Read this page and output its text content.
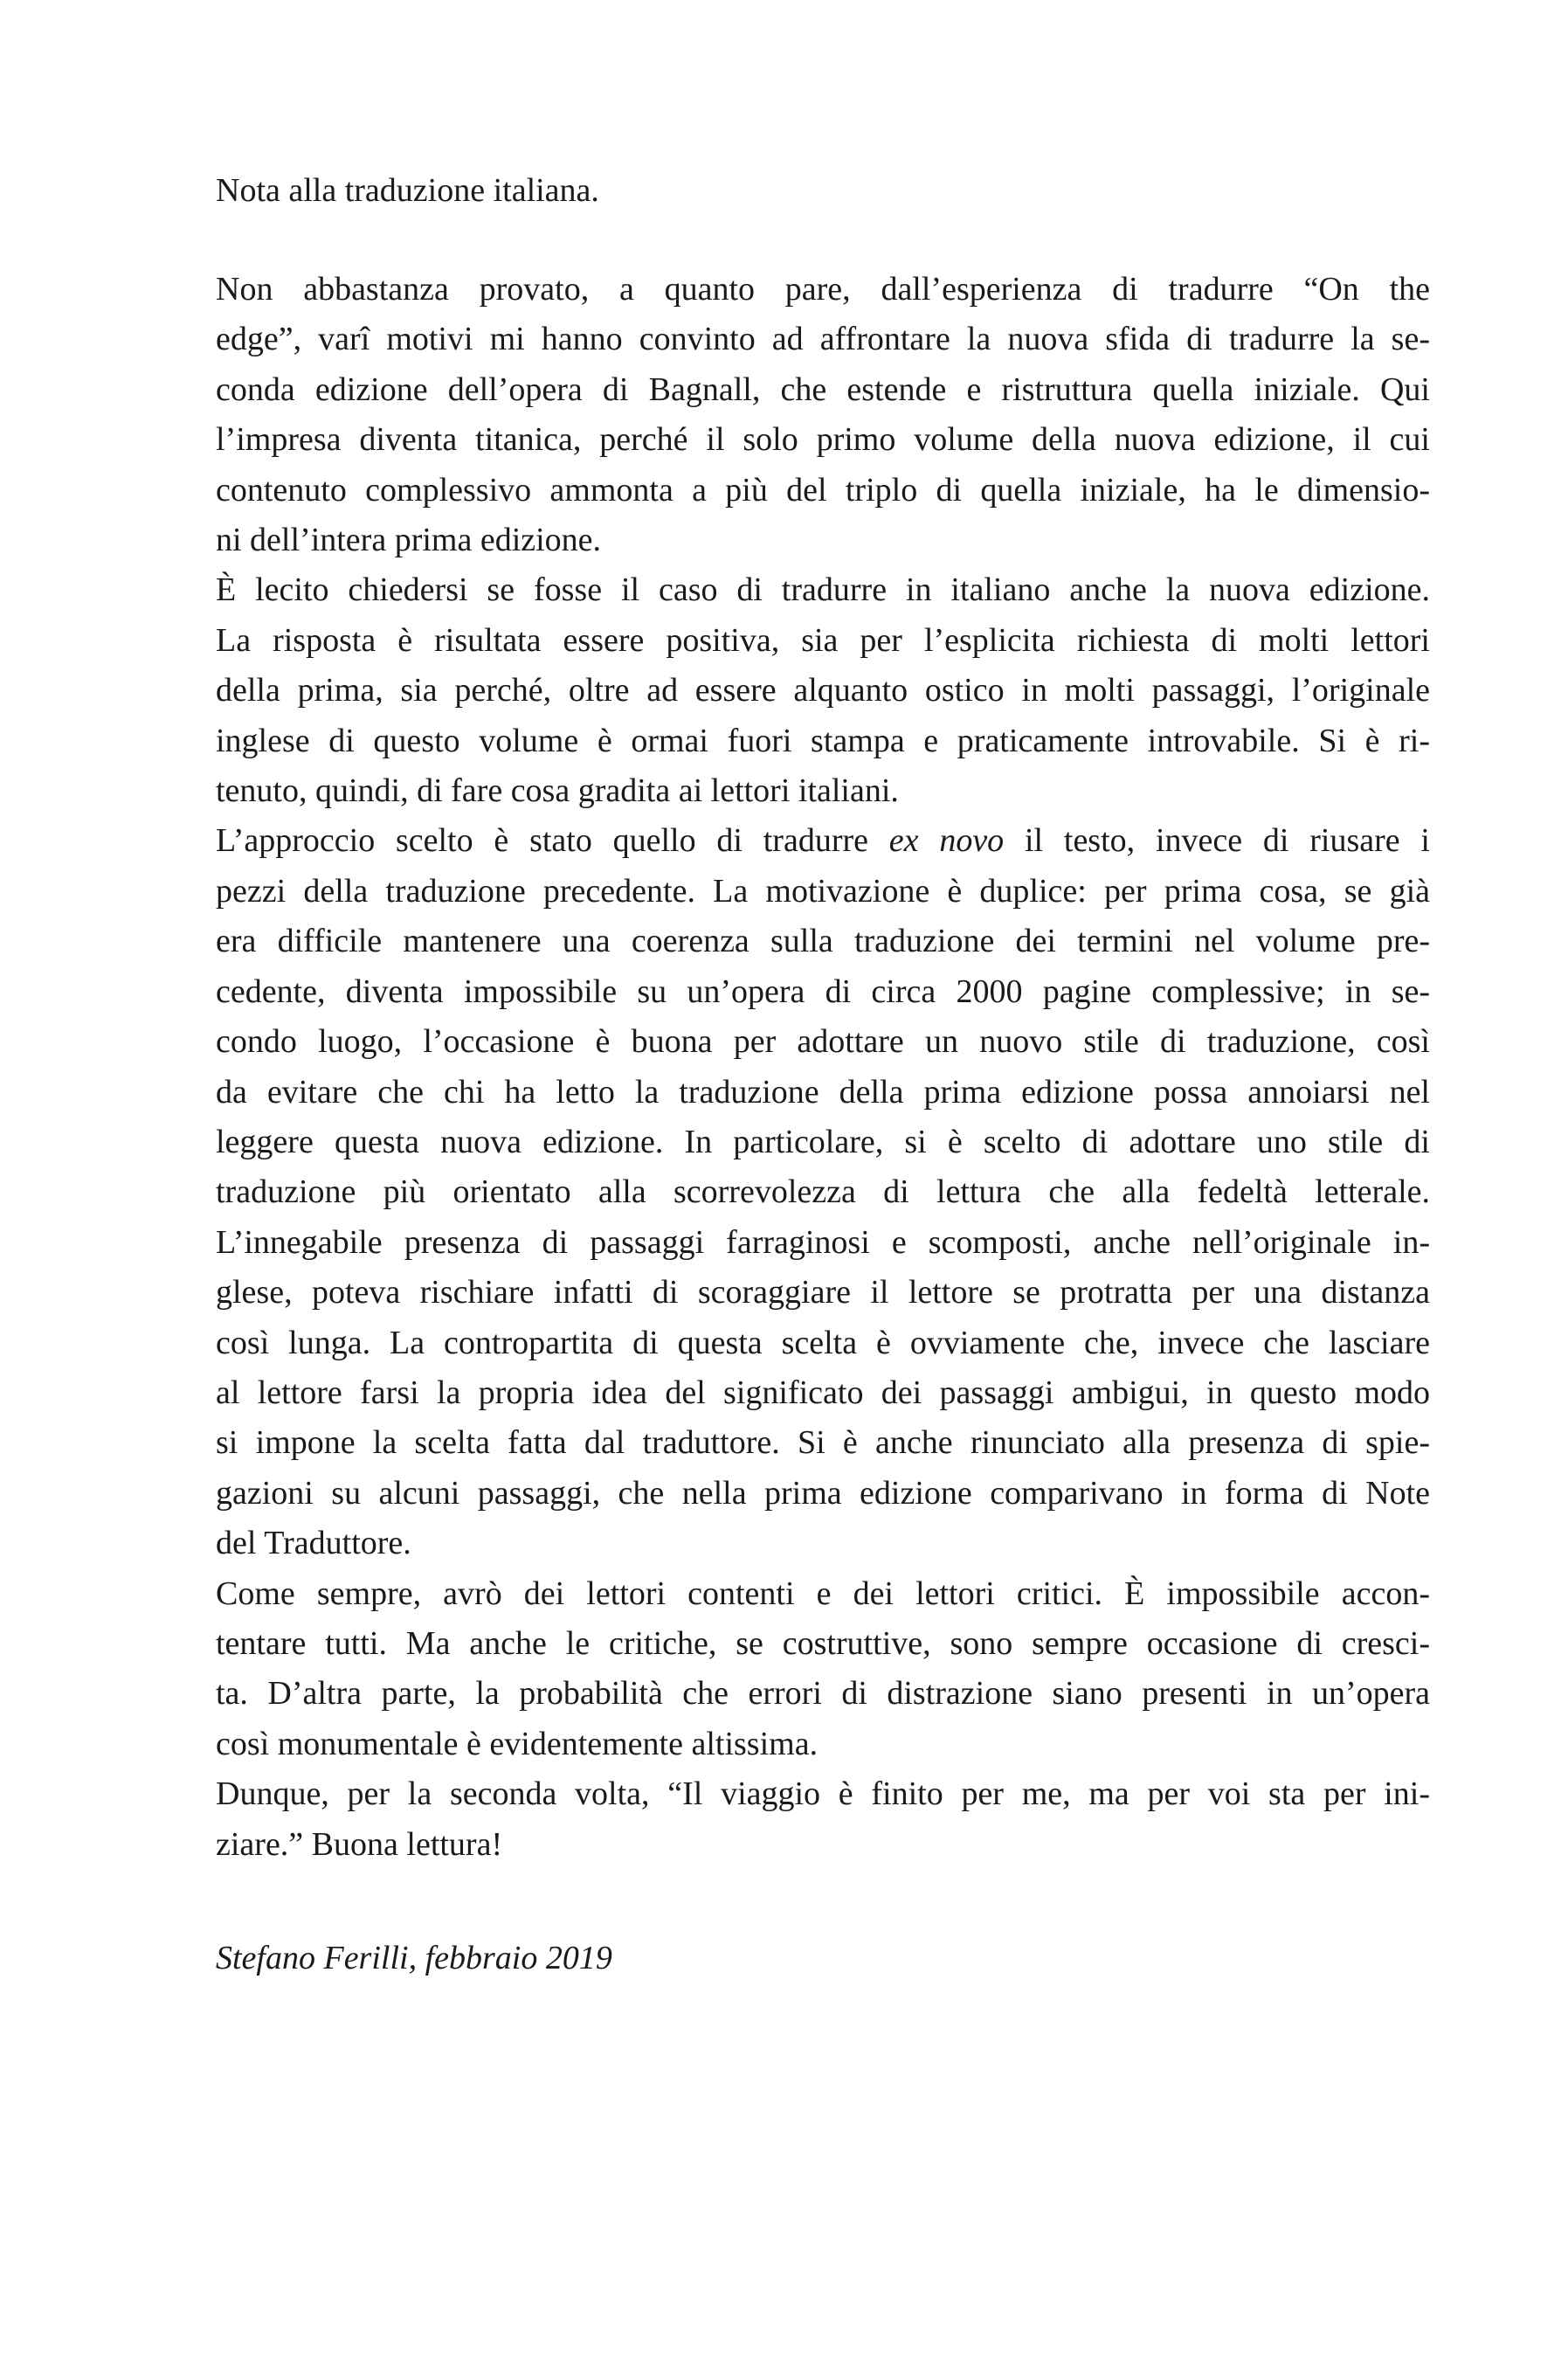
Nota alla traduzione italiana.

Non abbastanza provato, a quanto pare, dall’esperienza di tradurre “On the
edge”, varî motivi mi hanno convinto ad affrontare la nuova sfida di tradurre la se-
conda edizione dell’opera di Bagnall, che estende e ristruttura quella iniziale. Qui
l’impresa diventa titanica, perché il solo primo volume della nuova edizione, il cui
contenuto complessivo ammonta a più del triplo di quella iniziale, ha le dimensio-
ni dell’intera prima edizione.

È lecito chiedersi se fosse il caso di tradurre in italiano anche la nuova edizione.
La risposta è risultata essere positiva, sia per l’esplicita richiesta di molti lettori
della prima, sia perché, oltre ad essere alquanto ostico in molti passaggi, l’originale
inglese di questo volume è ormai fuori stampa e praticamente introvabile. Si è ri-
tenuto, quindi, di fare cosa gradita ai lettori italiani.

L’approccio scelto è stato quello di tradurre ex novo il testo, invece di riusare i
pezzi della traduzione precedente. La motivazione è duplice: per prima cosa, se già
era difficile mantenere una coerenza sulla traduzione dei termini nel volume pre-
cedente, diventa impossibile su un’opera di circa 2000 pagine complessive; in se-
condo luogo, l’occasione è buona per adottare un nuovo stile di traduzione, così
da evitare che chi ha letto la traduzione della prima edizione possa annoiarsi nel
leggere questa nuova edizione. In particolare, si è scelto di adottare uno stile di
traduzione più orientato alla scorrevolezza di lettura che alla fedeltà letterale.
L’innegabile presenza di passaggi farraginosi e scomposti, anche nell’originale in-
glese, poteva rischiare infatti di scoraggiare il lettore se protratta per una distanza
così lunga. La contropartita di questa scelta è ovviamente che, invece che lasciare
al lettore farsi la propria idea del significato dei passaggi ambigui, in questo modo
si impone la scelta fatta dal traduttore. Si è anche rinunciato alla presenza di spie-
gazioni su alcuni passaggi, che nella prima edizione comparivano in forma di Note
del Traduttore.

Come sempre, avrò dei lettori contenti e dei lettori critici. È impossibile accon-
tentare tutti. Ma anche le critiche, se costruttive, sono sempre occasione di cresci-
ta. D’altra parte, la probabilità che errori di distrazione siano presenti in un’opera
così monumentale è evidentemente altissima.

Dunque, per la seconda volta, “Il viaggio è finito per me, ma per voi sta per ini-
ziare.” Buona lettura!

Stefano Ferilli, febbraio 2019
